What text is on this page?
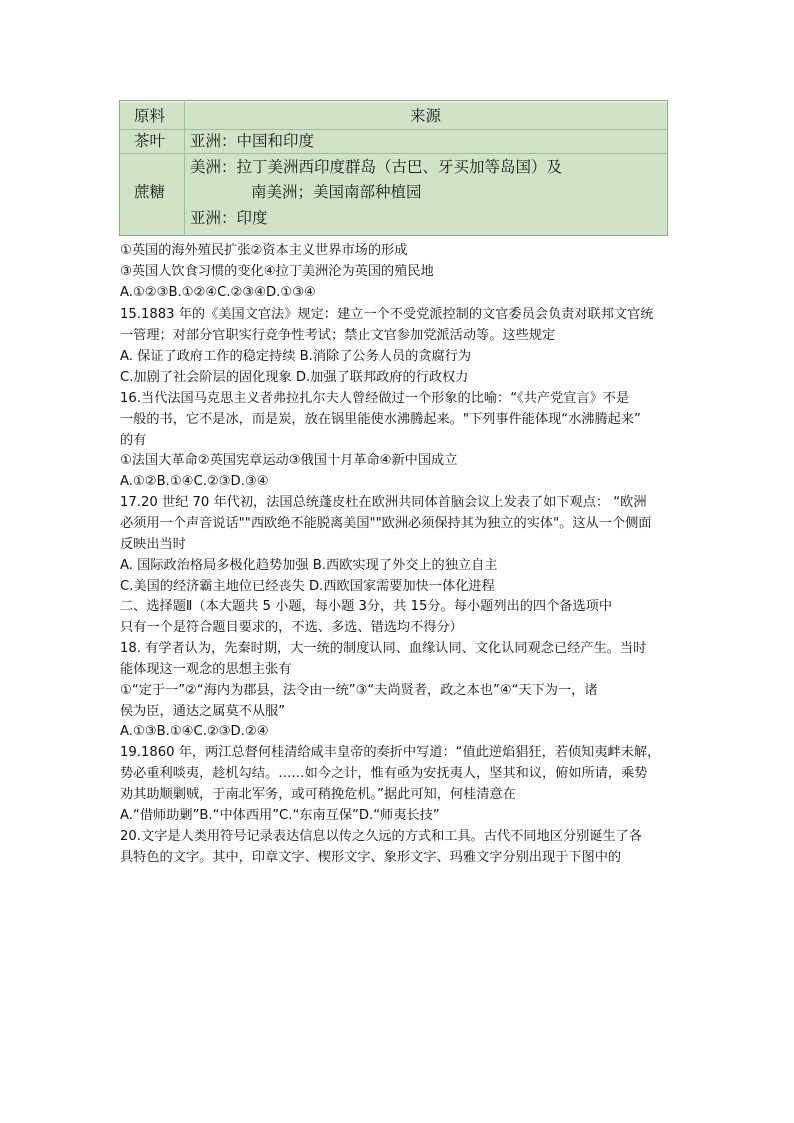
原料	来源
茶叶 亚洲：中国和印度
蔗糖
美洲：拉丁美洲西印度群岛（古巴、牙买加等岛国）及
南美洲；美国南部种植园
亚洲：印度
①英国的海外殖民扩张②资本主义世界市场的形成
③英国人饮食习惯的变化④拉丁美洲沦为英国的殖民地
A.①②③B.①②④C.②③④D.①③④
15.1883 年的《美国文官法》规定：建立一个不受党派控制的文官委员会负责对联邦文官统
一管理；对部分官职实行竞争性考试；禁止文官参加党派活动等。这些规定
A. 保证了政府工作的稳定持续 B.消除了公务人员的贪腐行为
C.加剧了社会阶层的固化现象 D.加强了联邦政府的行政权力
16.当代法国马克思主义者弗拉扎尔夫人曾经做过一个形象的比喻：“《共产党宣言》不是
一般的书，它不是冰，而是炭，放在锅里能使水沸腾起来。"下列事件能体现“水沸腾起来”
的有
①法国大革命②英国宪章运动③俄国十月革命④新中国成立
A.①②B.①④C.②③D.③④
17.20 世纪 70 年代初，法国总统蓬皮杜在欧洲共同体首脑会议上发表了如下观点： “欧洲
必须用一个声音说话""西欧绝不能脱离美国""欧洲必须保持其为独立的实体"。这从一个侧面
反映出当时
A. 国际政治格局多极化趋势加强 B.西欧实现了外交上的独立自主
C.美国的经济霸主地位已经丧失 D.西欧国家需要加快一体化进程
二、选择题Ⅱ（本大题共 5 小题，每小题 3分，共 15分。每小题列出的四个备选项中
只有一个是符合题目要求的，不选、多选、错选均不得分）
18. 有学者认为，先秦时期，大一统的制度认同、血缘认同、文化认同观念已经产生。当时
能体现这一观念的思想主张有
①“定于一”②“海内为郡县，法令由一统”③“夫尚贤者，政之本也”④“天下为一，诸
侯为臣，通达之属莫不从服”
A.①③B.①④C.②③D.②④
19.1860 年，两江总督何桂清给咸丰皇帝的奏折中写道：“值此逆焰猖狂，若侦知夷衅未解，
势必重利啖夷，趁机勾结。……如今之计，惟有亟为安抚夷人，坚其和议，俯如所请，乘势
劝其助顺剿贼，于南北军务，或可稍挽危机。”据此可知，何桂清意在
A.“借师助剿”B.“中体西用”C.“东南互保”D.“师夷长技”
20.文字是人类用符号记录表达信息以传之久远的方式和工具。古代不同地区分别诞生了各
具特色的文字。其中，印章文字、楔形文字、象形文字、玛雅文字分别出现于下图中的
